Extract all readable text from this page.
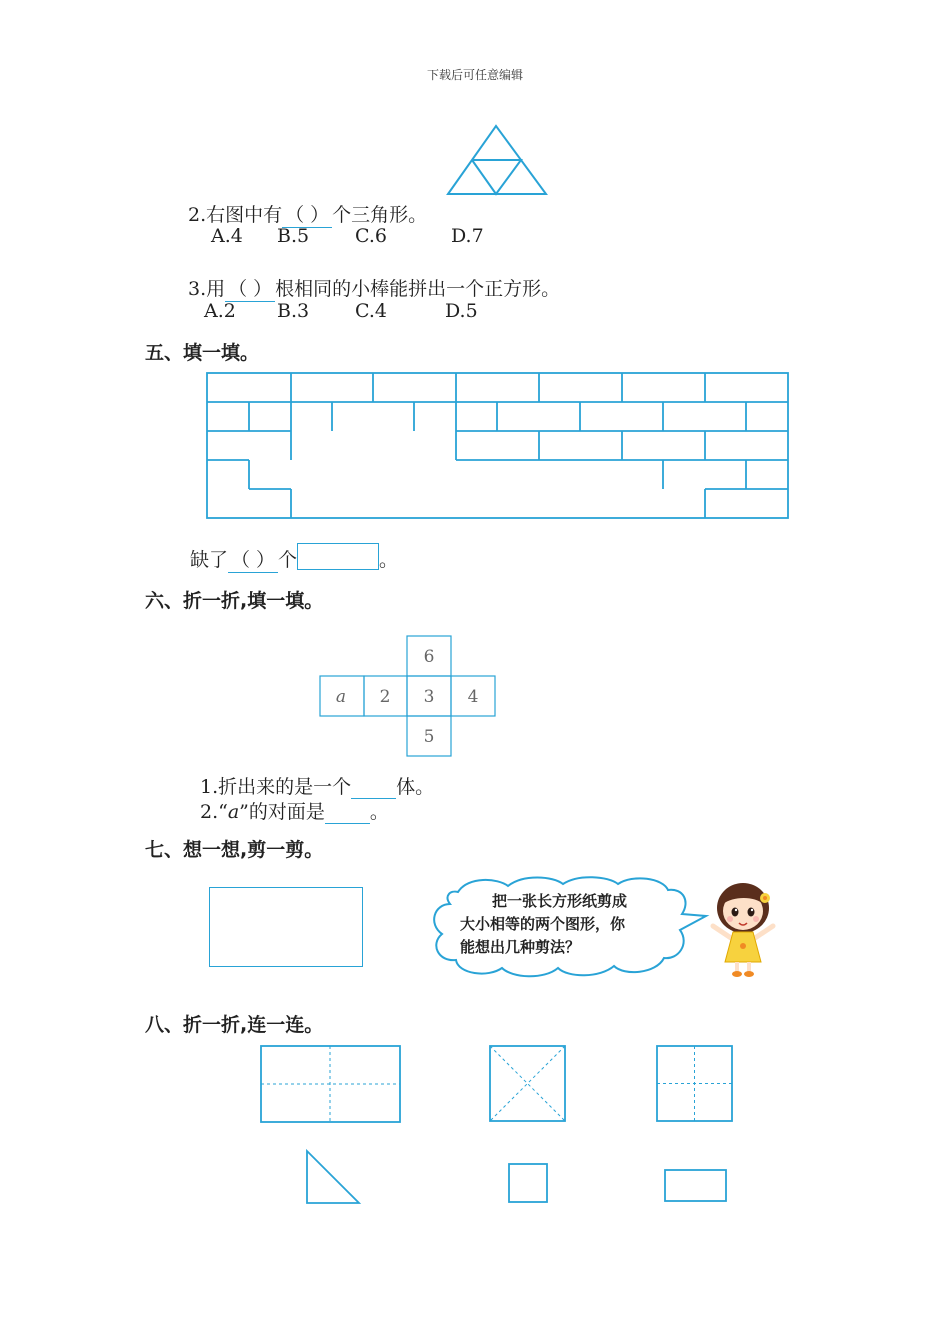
下载后可任意编辑
2.右图中有 （ ） 个三角形。
A.4 B.5 C.6	D.7
3.用 （ ） 根相同的小棒能拼出一个正方形。
A.2 B.3 C.4	D.5
五、填一填。
缺了 （ ） 个	。
六、折一折,填一填。
6
a 2 3 4
5
1.折出来的是一个 体。
2.“a”的对面是 。
七、想一想,剪一剪。
把一张长方形纸剪成
大小相等的两个图形，你
能想出几种剪法？
八、折一折,连一连。
